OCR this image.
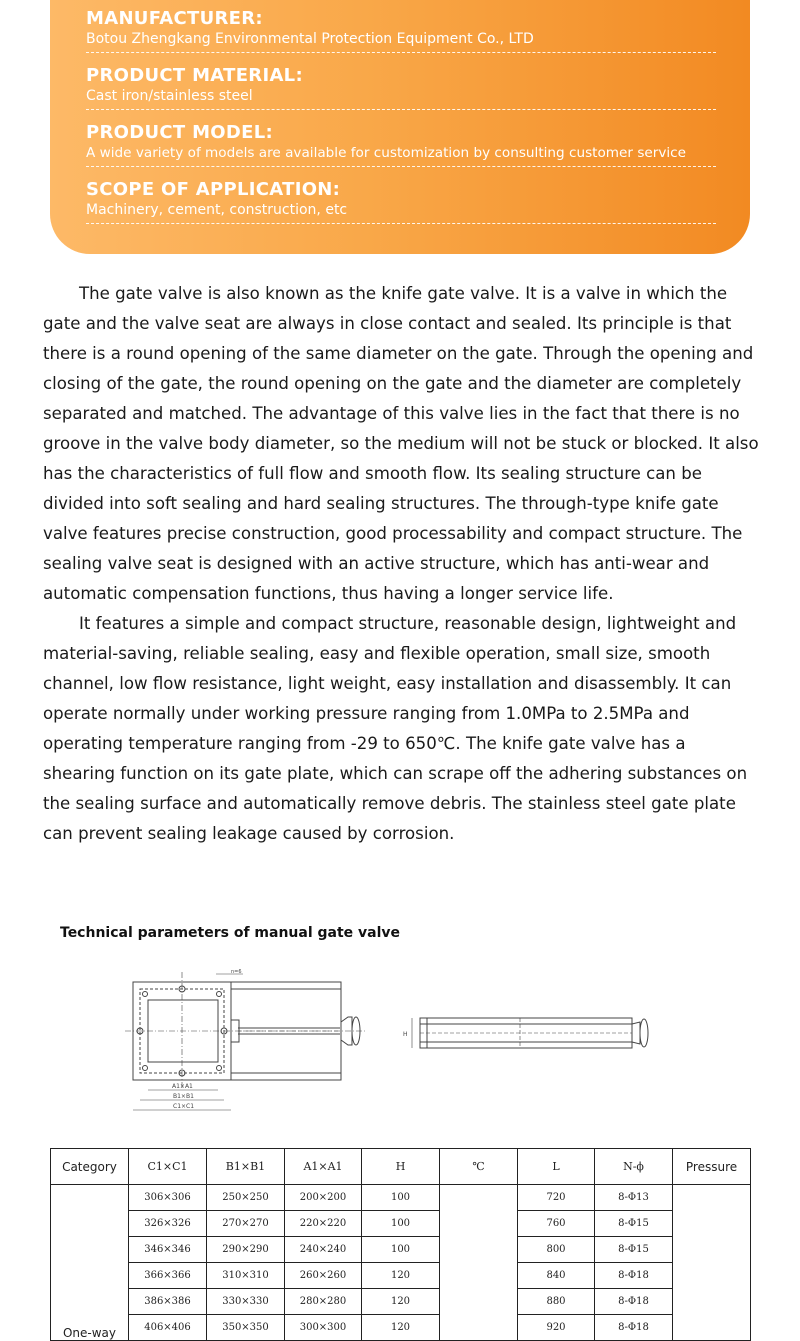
MANUFACTURER:
Botou Zhengkang Environmental Protection Equipment Co., LTD
PRODUCT MATERIAL:
Cast iron/stainless steel
PRODUCT MODEL:
A wide variety of models are available for customization by consulting customer service
SCOPE OF APPLICATION:
Machinery, cement, construction, etc

The gate valve is also known as the knife gate valve. It is a valve in which the gate and the valve seat are always in close contact and sealed. Its principle is that there is a round opening of the same diameter on the gate. Through the opening and closing of the gate, the round opening on the gate and the diameter are completely separated and matched. The advantage of this valve lies in the fact that there is no groove in the valve body diameter, so the medium will not be stuck or blocked. It also has the characteristics of full flow and smooth flow. Its sealing structure can be divided into soft sealing and hard sealing structures. The through-type knife gate valve features precise construction, good processability and compact structure. The sealing valve seat is designed with an active structure, which has anti-wear and automatic compensation functions, thus having a longer service life.

It features a simple and compact structure, reasonable design, lightweight and material-saving, reliable sealing, easy and flexible operation, small size, smooth channel, low flow resistance, light weight, easy installation and disassembly. It can operate normally under working pressure ranging from 1.0MPa to 2.5MPa and operating temperature ranging from -29 to 650℃. The knife gate valve has a shearing function on its gate plate, which can scrape off the adhering substances on the sealing surface and automatically remove debris. The stainless steel gate plate can prevent sealing leakage caused by corrosion.

Technical parameters of manual gate valve
n=6
A1×A1
B1×B1
C1×C1
H
Category	C1×C1	B1×B1	A1×A1	H	℃	L	N-ϕ	Pressure
One-way	306×306	250×250	200×200	100		720	8-Φ13	
	326×326	270×270	220×220	100		760	8-Φ15	
	346×346	290×290	240×240	100		800	8-Φ15	
	366×366	310×310	260×260	120		840	8-Φ18	
	386×386	330×330	280×280	120		880	8-Φ18	
	406×406	350×350	300×300	120		920	8-Φ18	
